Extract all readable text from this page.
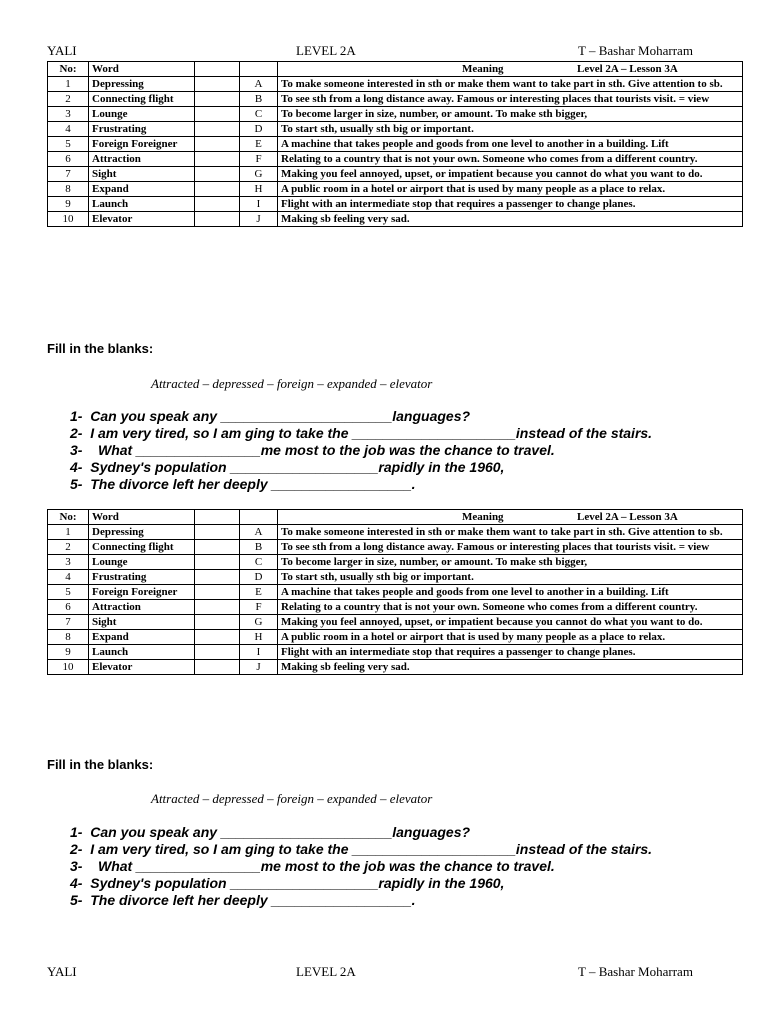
YALI	LEVEL 2A	T – Bashar Moharram
No:	Word			Meaning Level 2A – Lesson 3A

1	Depressing		A	To make someone interested in sth or make them want to take part in sth. Give attention to sb.
2	Connecting flight		B	To see sth from a long distance away. Famous or interesting places that tourists visit. = view
3	Lounge		C	To become larger in size, number, or amount. To make sth bigger,
4	Frustrating		D	To start sth, usually sth big or important.
5	Foreign Foreigner		E	A machine that takes people and goods from one level to another in a building. Lift
6	Attraction		F	Relating to a country that is not your own. Someone who comes from a different country.
7	Sight		G	Making you feel annoyed, upset, or impatient because you cannot do what you want to do.
8	Expand		H	A public room in a hotel or airport that is used by many people as a place to relax.
9	Launch		I	Flight with an intermediate stop that requires a passenger to change planes.
10	Elevator		J	Making sb feeling very sad.
Fill in the blanks:
Attracted – depressed – foreign – expanded – elevator
1-  Can you speak any ______________________languages?
2-  I am very tired, so I am ging to take the _____________________instead of the stairs.
3-    What ________________me most to the job was the chance to travel.
4-  Sydney's population ___________________rapidly in the 1960,
5-  The divorce left her deeply __________________.
No:	Word			Meaning Level 2A – Lesson 3A

1	Depressing		A	To make someone interested in sth or make them want to take part in sth. Give attention to sb.
2	Connecting flight		B	To see sth from a long distance away. Famous or interesting places that tourists visit. = view
3	Lounge		C	To become larger in size, number, or amount. To make sth bigger,
4	Frustrating		D	To start sth, usually sth big or important.
5	Foreign Foreigner		E	A machine that takes people and goods from one level to another in a building. Lift
6	Attraction		F	Relating to a country that is not your own. Someone who comes from a different country.
7	Sight		G	Making you feel annoyed, upset, or impatient because you cannot do what you want to do.
8	Expand		H	A public room in a hotel or airport that is used by many people as a place to relax.
9	Launch		I	Flight with an intermediate stop that requires a passenger to change planes.
10	Elevator		J	Making sb feeling very sad.
Fill in the blanks:
Attracted – depressed – foreign – expanded – elevator
1-  Can you speak any ______________________languages?
2-  I am very tired, so I am ging to take the _____________________instead of the stairs.
3-    What ________________me most to the job was the chance to travel.
4-  Sydney's population ___________________rapidly in the 1960,
5-  The divorce left her deeply __________________.
YALI	LEVEL 2A	T – Bashar Moharram
